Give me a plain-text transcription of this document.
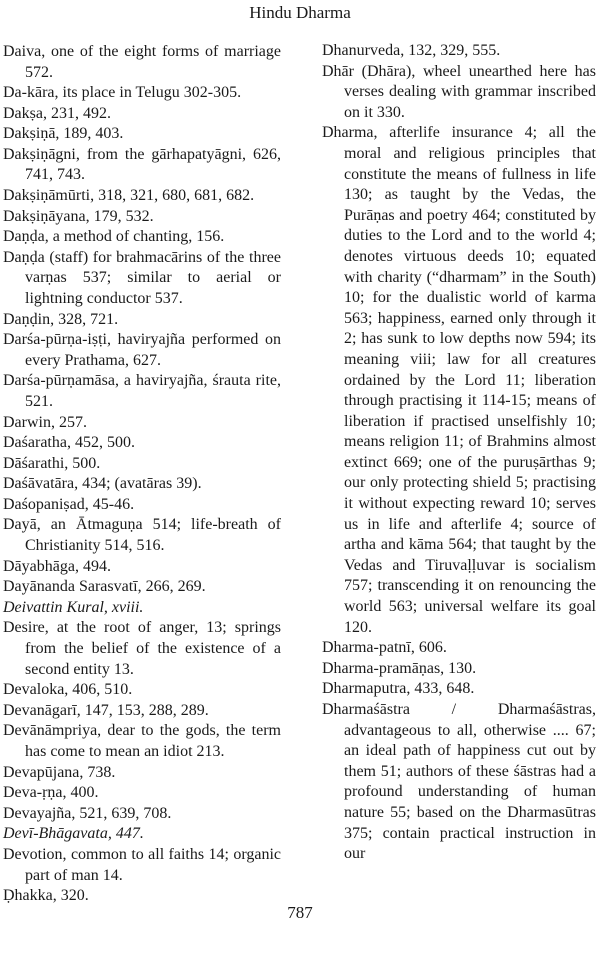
Hindu Dharma

Daiva, one of the eight forms of marriage 572.

Da-kāra, its place in Telugu 302-305.

Dakṣa, 231, 492.

Dakṣiṇā, 189, 403.

Dakṣiṇāgni, from the gārhapatyāgni, 626, 741, 743.

Dakṣiṇāmūrti, 318, 321, 680, 681, 682.

Dakṣiṇāyana, 179, 532.

Daṇḍa, a method of chanting, 156.

Daṇḍa (staff) for brahmacārins of the three varṇas 537; similar to aerial or lightning conductor 537.

Daṇḍin, 328, 721.

Darśa-pūrṇa-iṣṭi, haviryajña performed on every Prathama, 627.

Darśa-pūrṇamāsa, a haviryajña, śrauta rite, 521.

Darwin, 257.

Daśaratha, 452, 500.

Dāśarathi, 500.

Daśāvatāra, 434; (avatāras 39).

Daśopaniṣad, 45-46.

Dayā, an Ātmaguṇa 514; life-breath of Christianity 514, 516.

Dāyabhāga, 494.

Dayānanda Sarasvatī, 266, 269.

Deivattin Kural, xviii.

Desire, at the root of anger, 13; springs from the belief of the existence of a second entity 13.

Devaloka, 406, 510.

Devanāgarī, 147, 153, 288, 289.

Devānāmpriya, dear to the gods, the term has come to mean an idiot 213.

Devapūjana, 738.

Deva-ṛṇa, 400.

Devayajña, 521, 639, 708.

Devī-Bhāgavata, 447.

Devotion, common to all faiths 14; organic part of man 14.

Ḍhakka, 320.

Dhanurveda, 132, 329, 555.

Dhār (Dhāra), wheel unearthed here has verses dealing with grammar inscribed on it 330.

Dharma, afterlife insurance 4; all the moral and religious principles that constitute the means of fullness in life 130; as taught by the Vedas, the Purāṇas and poetry 464; constituted by duties to the Lord and to the world 4; denotes virtuous deeds 10; equated with charity (“dharmam” in the South) 10; for the dualistic world of karma 563; happiness, earned only through it 2; has sunk to low depths now 594; its meaning viii; law for all creatures ordained by the Lord 11; liberation through practising it 114-15; means of liberation if practised unselfishly 10; means religion 11; of Brahmins almost extinct 669; one of the puruṣārthas 9; our only protecting shield 5; practising it without expecting reward 10; serves us in life and afterlife 4; source of artha and kāma 564; that taught by the Vedas and Tiruvaḷḷuvar is socialism 757; transcending it on renouncing the world 563; universal welfare its goal 120.

Dharma-patnī, 606.

Dharma-pramāṇas, 130.

Dharmaputra, 433, 648.

Dharmaśāstra / Dharmaśāstras, advantageous to all, otherwise .... 67; an ideal path of happiness cut out by them 51; authors of these śāstras had a profound understanding of human nature 55; based on the Dharmasūtras 375; contain practical instruction in our

787
